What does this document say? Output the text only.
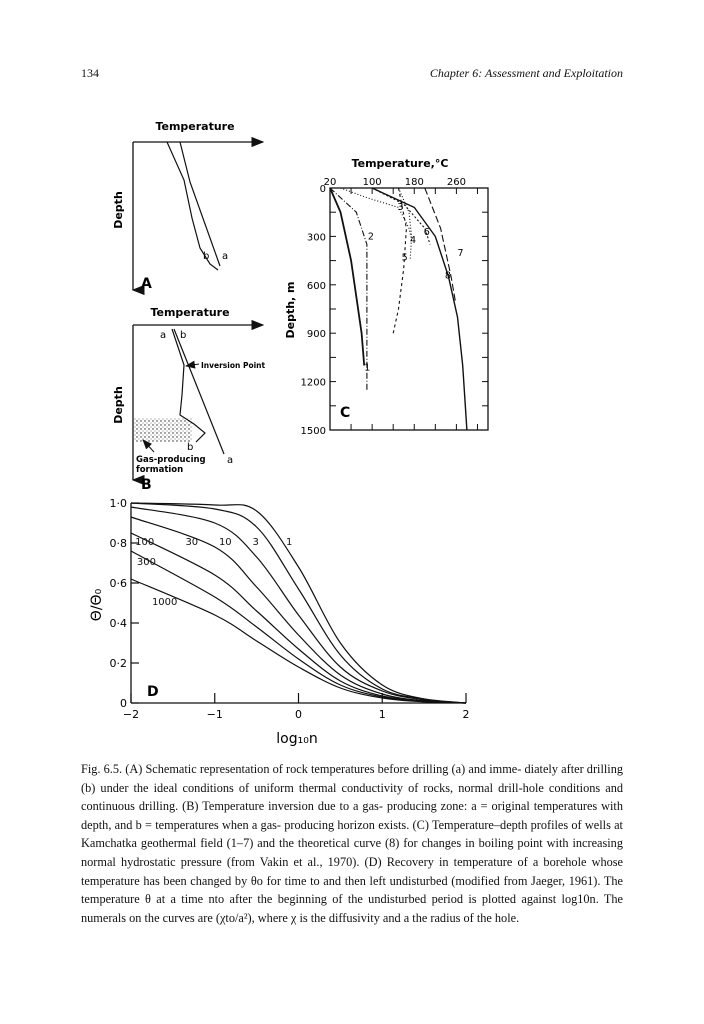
134	Chapter 6: Assessment and Exploitation
Temperature
Depth
b a
A
Temperature
Depth
a b
Inversion Point
b
Gas-producing
formation
a
B
Temperature,°C
20	100 180 260
0
300
600
900
1200
1500
Depth, m
1
2
3
4
5
6
7
8
C
1·0
0·8
0·6
0·4
0·2
0
−2	−1	0	1	2
Θ/Θ₀
log₁₀n
100	30 10 3	1
300
1000
D
Fig. 6.5. (A) Schematic representation of rock temperatures before drilling (a) and imme- diately after drilling (b) under the ideal conditions of uniform thermal conductivity of rocks, normal drill-hole conditions and continuous drilling. (B) Temperature inversion due to a gas- producing zone: a = original temperatures with depth, and b = temperatures when a gas- producing horizon exists. (C) Temperature–depth profiles of wells at Kamchatka geothermal field (1–7) and the theoretical curve (8) for changes in boiling point with increasing normal hydrostatic pressure (from Vakin et al., 1970). (D) Recovery in temperature of a borehole whose temperature has been changed by θo for time to and then left undisturbed (modified from Jaeger, 1961). The temperature θ at a time nto after the beginning of the undisturbed period is plotted against log10n. The numerals on the curves are (χto/a²), where χ is the diffusivity and a the radius of the hole.
